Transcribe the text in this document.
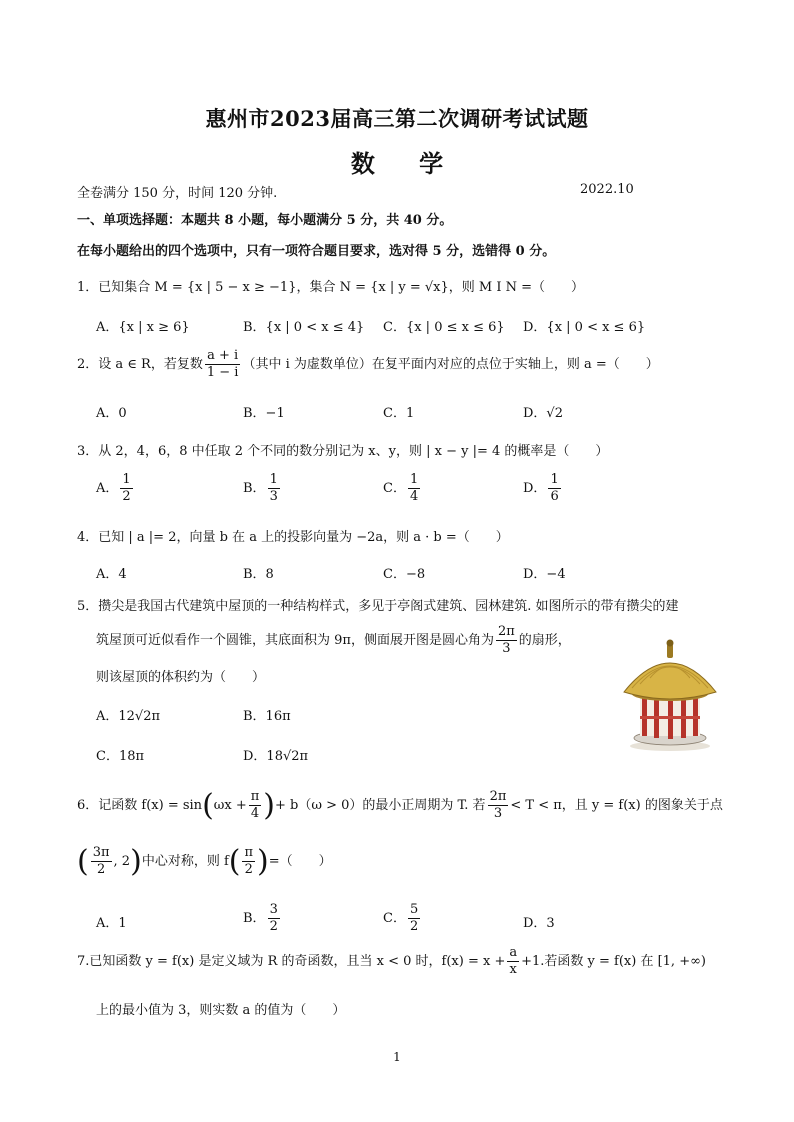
惠州市2023届高三第二次调研考试试题
数 学
全卷满分 150 分，时间 120 分钟.	2022.10
一、单项选择题：本题共 8 小题，每小题满分 5 分，共 40 分。
在每小题给出的四个选项中，只有一项符合题目要求，选对得 5 分，选错得 0 分。
1．已知集合 M = {x | 5 − x ≥ −1}，集合 N = {x | y = √x}，则 M I N =（　　）
A．{x | x ≥ 6}	B．{x | 0 < x ≤ 4} C．{x | 0 ≤ x ≤ 6} D．{x | 0 < x ≤ 6}
2．设 a ∈ R，若复数 $\frac{a + i}{1 - i}$ （其中 i 为虚数单位）在复平面内对应的点位于实轴上，则 a =（　　）
A．0	B．−1	C．1	D．√2
3．从 2，4，6，8 中任取 2 个不同的数分别记为 x、y，则 | x − y |= 4 的概率是（　　）
A． $\frac{1}{2}$	B． $\frac{1}{3}$	C． $\frac{1}{4}$	D． $\frac{1}{6}$
4．已知 | a |= 2，向量 b 在 a 上的投影向量为 −2a，则 a · b =（　　）
A．4	B．8	C．−8	D．−4
5．攒尖是我国古代建筑中屋顶的一种结构样式，多见于亭阁式建筑、园林建筑. 如图所示的带有攒尖的建
筑屋顶可近似看作一个圆锥，其底面积为 9π，侧面展开图是圆心角为 $\frac{2\pi}{3}$ 的扇形，
则该屋顶的体积约为（　　）
A．12√2π	B．16π
C．18π	D．18√2π
6．记函数 $f(x) = \sin(\omega x + \frac{\pi}{4}$ )+ b（ω > 0）的最小正周期为 T. 若 $\frac{2\pi}{3} < T < \pi$，且 y = f(x) 的图象关于点
( $\frac{3\pi}{2}$ , 2)中心对称，则 $f( \frac{\pi}{2}$ )=（　　）
A．1	B． $\frac{3}{2}$	C． $\frac{5}{2}$	D．3
7.已知函数 y = f(x) 是定义域为 R 的奇函数，且当 x < 0 时，$f(x) = x + \frac{a}{x} +1$.若函数 y = f(x) 在 [1, +∞)
上的最小值为 3，则实数 a 的值为（　　）
1
